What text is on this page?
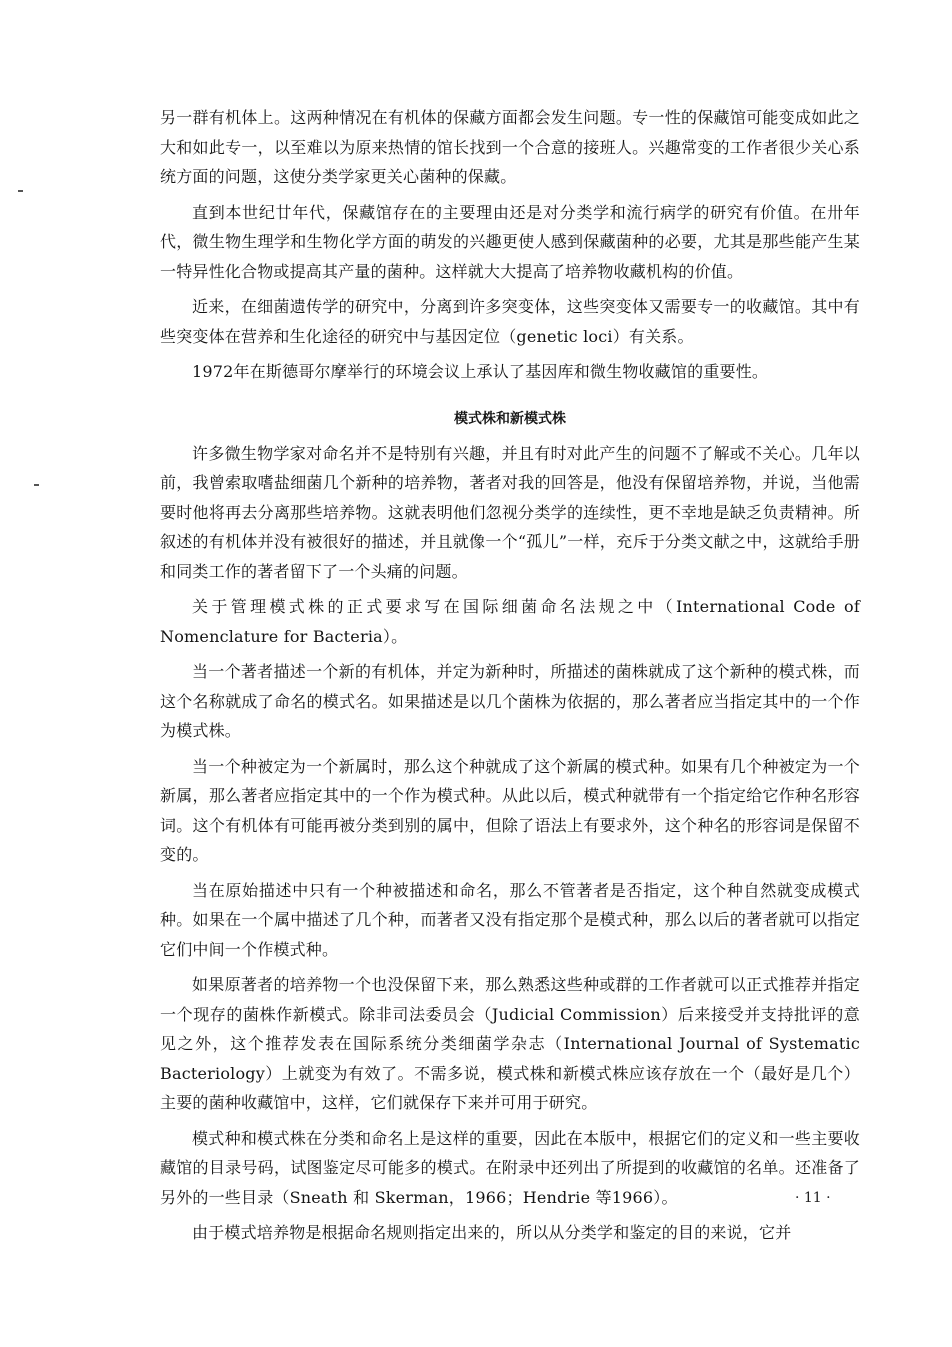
另一群有机体上。这两种情况在有机体的保藏方面都会发生问题。专一性的保藏馆可能变成如此之大和如此专一，以至难以为原来热情的馆长找到一个合意的接班人。兴趣常变的工作者很少关心系统方面的问题，这使分类学家更关心菌种的保藏。

直到本世纪廿年代，保藏馆存在的主要理由还是对分类学和流行病学的研究有价值。在卅年代，微生物生理学和生物化学方面的萌发的兴趣更使人感到保藏菌种的必要，尤其是那些能产生某一特异性化合物或提高其产量的菌种。这样就大大提高了培养物收藏机构的价值。

近来，在细菌遗传学的研究中，分离到许多突变体，这些突变体又需要专一的收藏馆。其中有些突变体在营养和生化途径的研究中与基因定位（genetic loci）有关系。

1972年在斯德哥尔摩举行的环境会议上承认了基因库和微生物收藏馆的重要性。

模式株和新模式株

许多微生物学家对命名并不是特别有兴趣，并且有时对此产生的问题不了解或不关心。几年以前，我曾索取嗜盐细菌几个新种的培养物，著者对我的回答是，他没有保留培养物，并说，当他需要时他将再去分离那些培养物。这就表明他们忽视分类学的连续性，更不幸地是缺乏负责精神。所叙述的有机体并没有被很好的描述，并且就像一个“孤儿”一样，充斥于分类文献之中，这就给手册和同类工作的著者留下了一个头痛的问题。

关于管理模式株的正式要求写在国际细菌命名法规之中（International Code of Nomenclature for Bacteria）。

当一个著者描述一个新的有机体，并定为新种时，所描述的菌株就成了这个新种的模式株，而这个名称就成了命名的模式名。如果描述是以几个菌株为依据的，那么著者应当指定其中的一个作为模式株。

当一个种被定为一个新属时，那么这个种就成了这个新属的模式种。如果有几个种被定为一个新属，那么著者应指定其中的一个作为模式种。从此以后，模式种就带有一个指定给它作种名形容词。这个有机体有可能再被分类到别的属中，但除了语法上有要求外，这个种名的形容词是保留不变的。

当在原始描述中只有一个种被描述和命名，那么不管著者是否指定，这个种自然就变成模式种。如果在一个属中描述了几个种，而著者又没有指定那个是模式种，那么以后的著者就可以指定它们中间一个作模式种。

如果原著者的培养物一个也没保留下来，那么熟悉这些种或群的工作者就可以正式推荐并指定一个现存的菌株作新模式。除非司法委员会（Judicial Commission）后来接受并支持批评的意见之外，这个推荐发表在国际系统分类细菌学杂志（International Journal of Systematic Bacteriology）上就变为有效了。不需多说，模式株和新模式株应该存放在一个（最好是几个）主要的菌种收藏馆中，这样，它们就保存下来并可用于研究。

模式种和模式株在分类和命名上是这样的重要，因此在本版中，根据它们的定义和一些主要收藏馆的目录号码，试图鉴定尽可能多的模式。在附录中还列出了所提到的收藏馆的名单。还准备了另外的一些目录（Sneath 和 Skerman，1966；Hendrie 等1966）。

由于模式培养物是根据命名规则指定出来的，所以从分类学和鉴定的目的来说，它并

· 11 ·
